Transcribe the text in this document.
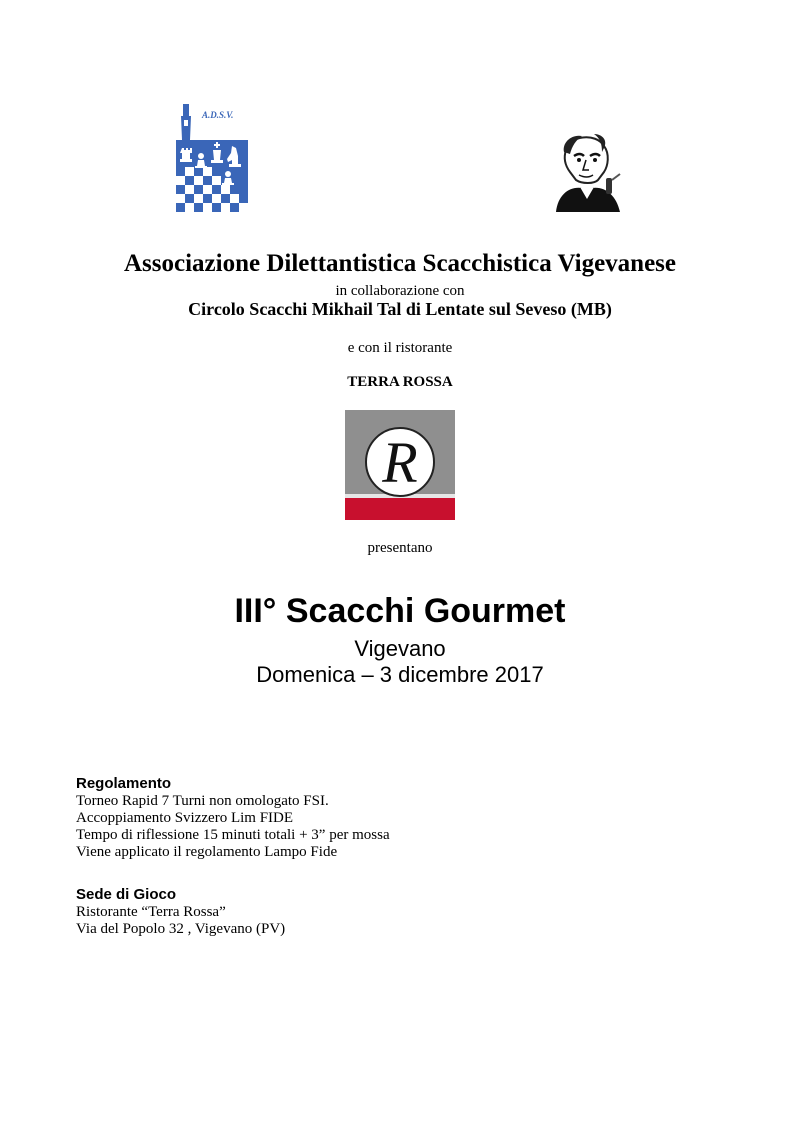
A.D.S.V.
Associazione Dilettantistica Scacchistica Vigevanese
in collaborazione con
Circolo Scacchi Mikhail Tal di Lentate sul Seveso (MB)
e con il ristorante
TERRA ROSSA
R
presentano
III° Scacchi Gourmet
Vigevano
Domenica – 3 dicembre 2017
Regolamento
Torneo Rapid 7 Turni non omologato FSI.
Accoppiamento Svizzero Lim FIDE
Tempo di riflessione 15 minuti totali + 3” per mossa
Viene applicato il regolamento Lampo Fide
Sede di Gioco
Ristorante “Terra Rossa”
Via del Popolo 32 , Vigevano (PV)
